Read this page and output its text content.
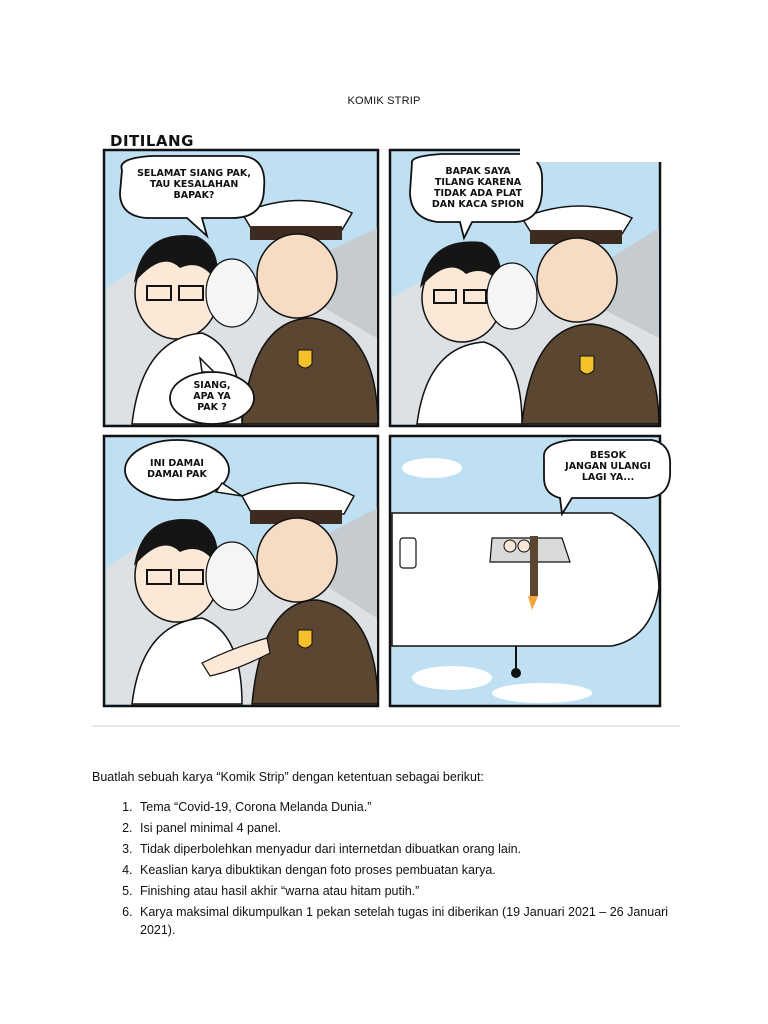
KOMIK STRIP
DITILANG
SELAMAT SIANG PAK,
TAU KESALAHAN
BAPAK?
SIANG,
APA YA
PAK ?
BAPAK SAYA
TILANG KARENA
TIDAK ADA PLAT
DAN KACA SPION
INI DAMAI
DAMAI PAK
BESOK
JANGAN ULANGI
LAGI YA...

Buatlah sebuah karya “Komik Strip” dengan ketentuan sebagai berikut:

1. Tema “Covid-19, Corona Melanda Dunia.”
2. Isi panel minimal 4 panel.
3. Tidak diperbolehkan menyadur dari internetdan dibuatkan orang lain.
4. Keaslian karya dibuktikan dengan foto proses pembuatan karya.
5. Finishing atau hasil akhir “warna atau hitam putih.”
6. Karya maksimal dikumpulkan 1 pekan setelah tugas ini diberikan (19 Januari 2021 – 26 Januari 2021).
